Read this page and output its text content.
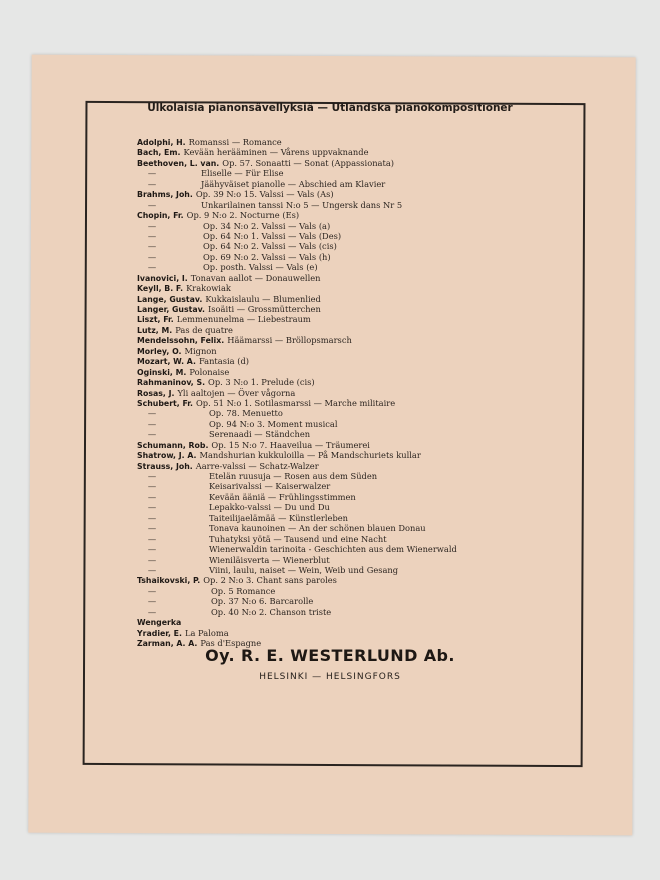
Ulkolaisia pianonsävellyksiä — Utländska pianokompositioner
Adolphi, H. Romanssi — Romance
Bach, Em. Kevään herääminen — Vårens uppvaknande
Beethoven, L. van. Op. 57. Sonaatti — Sonat (Appassionata)
—	Eliselle — Für Elise
—	Jäähyväiset pianolle — Abschied am Klavier
Brahms, Joh. Op. 39 N:o 15. Valssi — Vals (As)
—	Unkarilainen tanssi N:o 5 — Ungersk dans Nr 5
Chopin, Fr. Op. 9 N:o 2. Nocturne (Es)
—	Op. 34 N:o 2. Valssi — Vals (a)
—	Op. 64 N:o 1. Valssi — Vals (Des)
—	Op. 64 N:o 2. Valssi — Vals (cis)
—	Op. 69 N:o 2. Valssi — Vals (h)
—	Op. posth. Valssi — Vals (e)
Ivanovici, I. Tonavan aallot — Donauwellen
Keyll, B. F. Krakowiak
Lange, Gustav. Kukkaislaulu — Blumenlied
Langer, Gustav. Isoäiti — Grossmütterchen
Liszt, Fr. Lemmenunelma — Liebestraum
Lutz, M. Pas de quatre
Mendelssohn, Felix. Häämarssi — Bröllopsmarsch
Morley, O. Mignon
Mozart, W. A. Fantasia (d)
Oginski, M. Polonaise
Rahmaninov, S. Op. 3 N:o 1. Prelude (cis)
Rosas, J. Yli aaltojen — Över vågorna
Schubert, Fr. Op. 51 N:o 1. Sotilasmarssi — Marche militaire
—	Op. 78. Menuetto
—	Op. 94 N:o 3. Moment musical
—	Serenaadi — Ständchen
Schumann, Rob. Op. 15 N:o 7. Haaveilua — Träumerei
Shatrow, J. A. Mandshurian kukkuloilla — På Mandschuriets kullar
Strauss, Joh. Aarre-valssi — Schatz-Walzer
—	Etelän ruusuja — Rosen aus dem Süden
—	Keisarivalssi — Kaiserwalzer
—	Kevään ääniä — Frühlingsstimmen
—	Lepakko-valssi — Du und Du
—	Taiteilijaelämää — Künstlerleben
—	Tonava kaunoinen — An der schönen blauen Donau
—	Tuhatyksi yötä — Tausend und eine Nacht
—	Wienerwaldin tarinoita - Geschichten aus dem Wienerwald
—	Wieniläisverta — Wienerblut
—	Viini, laulu, naiset — Wein, Weib und Gesang
Tshaikovski, P. Op. 2 N:o 3. Chant sans paroles
—	Op. 5 Romance
—	Op. 37 N:o 6. Barcarolle
—	Op. 40 N:o 2. Chanson triste
Wengerka
Yradier, E. La Paloma
Zarman, A. A. Pas d'Espagne
Oy. R. E. WESTERLUND Ab.
HELSINKI — HELSINGFORS
